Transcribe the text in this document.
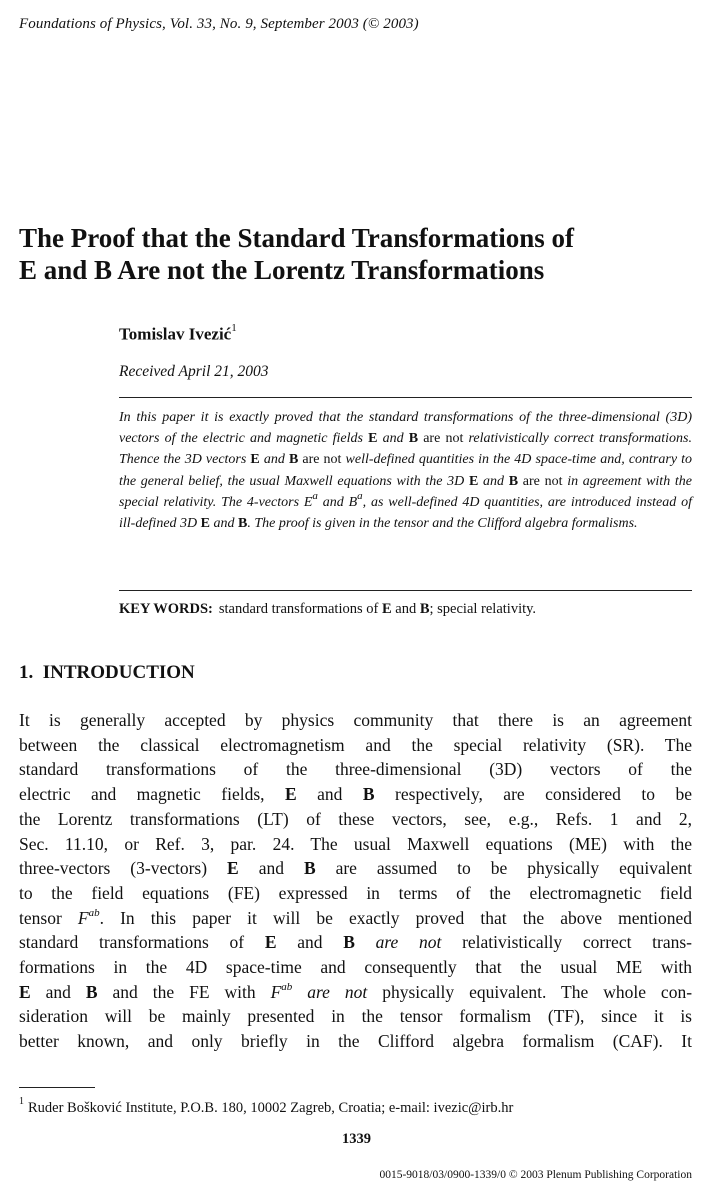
Foundations of Physics, Vol. 33, No. 9, September 2003 (© 2003)
The Proof that the Standard Transformations of
E and B Are not the Lorentz Transformations
Tomislav Ivezić$^1$
Received April 21, 2003
In this paper it is exactly proved that the standard transformations of the three-dimensional (3D) vectors of the electric and magnetic fields E and B are not relativistically correct transformations. Thence the 3D vectors E and B are not well-defined quantities in the 4D space-time and, contrary to the general belief, the usual Maxwell equations with the 3D E and B are not in agreement with the special relativity. The 4-vectors $E^a$ and $B^a$, as well-defined 4D quantities, are introduced instead of ill-defined 3D E and B. The proof is given in the tensor and the Clifford algebra formalisms.
KEY WORDS: standard transformations of E and B; special relativity.
1. INTRODUCTION
It is generally accepted by physics community that there is an agreement
between the classical electromagnetism and the special relativity (SR). The
standard transformations of the three-dimensional (3D) vectors of the
electric and magnetic fields, E and B respectively, are considered to be
the Lorentz transformations (LT) of these vectors, see, e.g., Refs. 1 and 2,
Sec. 11.10, or Ref. 3, par. 24. The usual Maxwell equations (ME) with the
three-vectors (3-vectors) E and B are assumed to be physically equivalent
to the field equations (FE) expressed in terms of the electromagnetic field
tensor $F^{ab}$. In this paper it will be exactly proved that the above mentioned
standard transformations of E and B are not relativistically correct trans-
formations in the 4D space-time and consequently that the usual ME with
E and B and the FE with $F^{ab}$ are not physically equivalent. The whole con-
sideration will be mainly presented in the tensor formalism (TF), since it is
better known, and only briefly in the Clifford algebra formalism (CAF). It
$^1$ Ruder Bošković Institute, P.O.B. 180, 10002 Zagreb, Croatia; e-mail: ivezic@irb.hr
1339
0015-9018/03/0900-1339/0 © 2003 Plenum Publishing Corporation
